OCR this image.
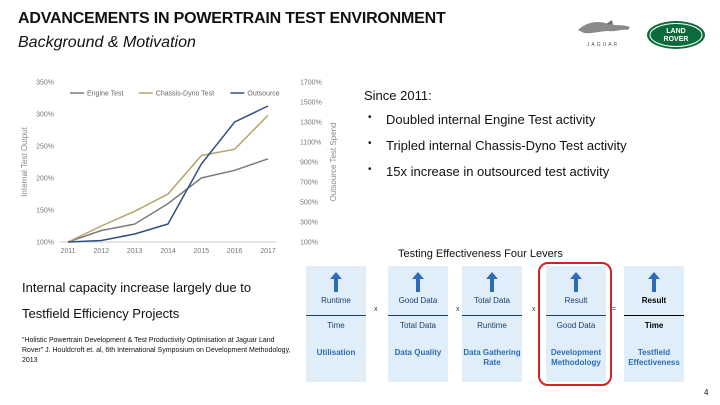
ADVANCEMENTS IN POWERTRAIN TEST ENVIRONMENT
Background & Motivation	JAGUAR
LAND
ROVER
100%
150%
200%
250%
300%
350%
100%
300%
500%
700%
900%
1100%
1300%
1500%
1700%
2011	2012	2013	2014	2015	2016	2017
Internal Test Output	Outsource Test Spend
Engine Test	Chassis-Dyno Test	Outsource	Since 2011:
• Doubled internal Engine Test activity
• Tripled internal Chassis-Dyno Test activity
• 15x increase in outsourced test activity
Testing Effectiveness Four Levers
Internal capacity increase largely due to
Testfield Efficiency Projects
"Holistic Powertrain Development & Test Productivity Optimisation at Jaguar Land Rover" J. Houldcroft et. al, 6th International Symposium on Development Methodology, 2013
Runtime
Time
Utilisation
x
Good Data
Total Data
Data Quality
x
Total Data
Runtime
Data Gathering Rate
x
Result
Good Data
Development Methodology
=
Result
Time
Testfield Effectiveness
4
